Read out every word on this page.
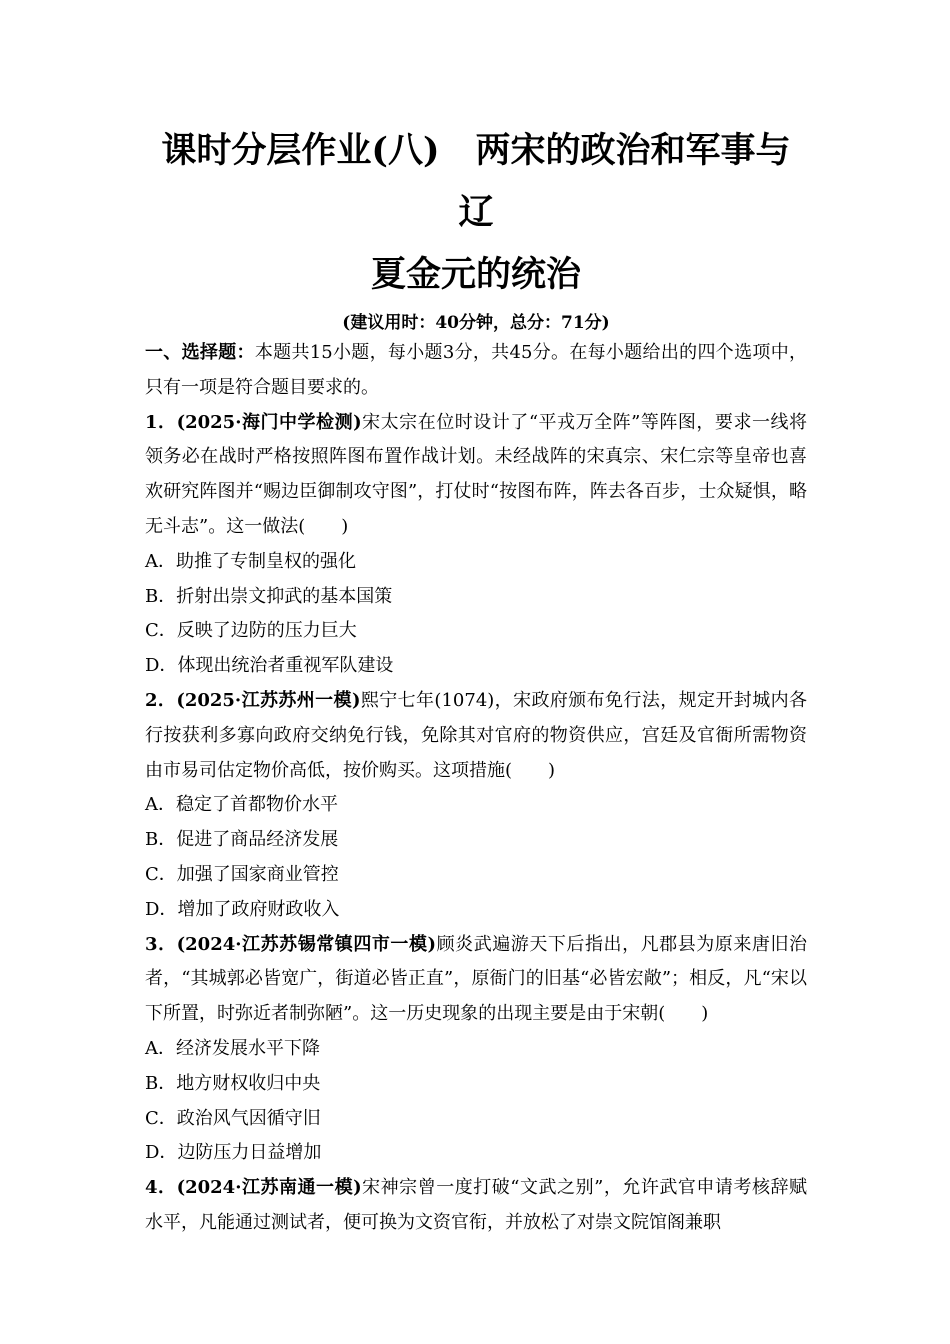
课时分层作业(八) 两宋的政治和军事与辽
夏金元的统治
(建议用时：40分钟，总分：71分)

一、选择题：本题共15小题，每小题3分，共45分。在每小题给出的四个选项中，只有一项是符合题目要求的。

1．(2025·海门中学检测)宋太宗在位时设计了“平戎万全阵”等阵图，要求一线将领务必在战时严格按照阵图布置作战计划。未经战阵的宋真宗、宋仁宗等皇帝也喜欢研究阵图并“赐边臣御制攻守图”，打仗时“按图布阵，阵去各百步，士众疑惧，略无斗志”。这一做法(　　)

A．助推了专制皇权的强化
B．折射出崇文抑武的基本国策
C．反映了边防的压力巨大
D．体现出统治者重视军队建设

2．(2025·江苏苏州一模)熙宁七年(1074)，宋政府颁布免行法，规定开封城内各行按获利多寡向政府交纳免行钱，免除其对官府的物资供应，宫廷及官衙所需物资由市易司估定物价高低，按价购买。这项措施(　　)

A．稳定了首都物价水平
B．促进了商品经济发展
C．加强了国家商业管控
D．增加了政府财政收入

3．(2024·江苏苏锡常镇四市一模)顾炎武遍游天下后指出，凡郡县为原来唐旧治者，“其城郭必皆宽广，街道必皆正直”，原衙门的旧基“必皆宏敞”；相反，凡“宋以下所置，时弥近者制弥陋”。这一历史现象的出现主要是由于宋朝(　　)

A．经济发展水平下降
B．地方财权收归中央
C．政治风气因循守旧
D．边防压力日益增加

4．(2024·江苏南通一模)宋神宗曾一度打破“文武之别”，允许武官申请考核辞赋水平，凡能通过测试者，便可换为文资官衔，并放松了对崇文院馆阁兼职
